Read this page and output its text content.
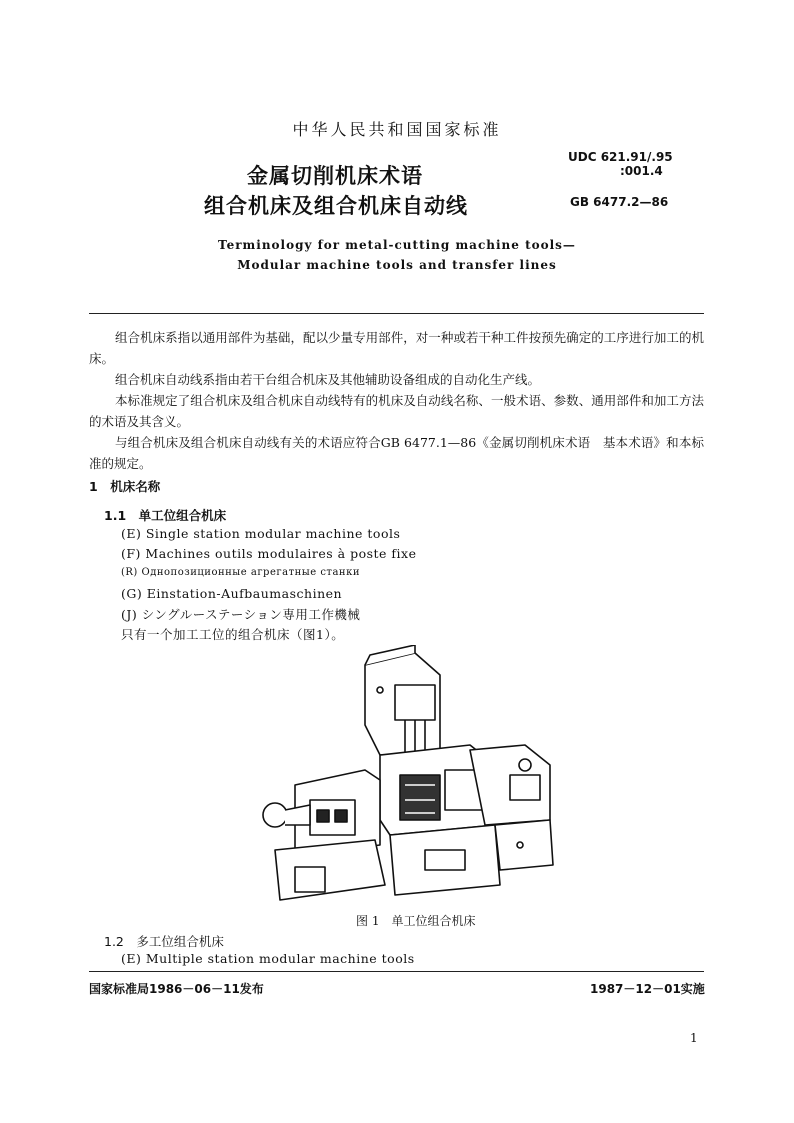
中华人民共和国国家标准
金属切削机床术语
组合机床及组合机床自动线
UDC 621.91/.95
:001.4
GB 6477.2—86
Terminology for metal-cutting machine tools—
Modular machine tools and transfer lines

组合机床系指以通用部件为基础，配以少量专用部件，对一种或若干种工件按预先确定的工序进行加工的机床。

组合机床自动线系指由若干台组合机床及其他辅助设备组成的自动化生产线。

本标准规定了组合机床及组合机床自动线特有的机床及自动线名称、一般术语、参数、通用部件和加工方法的术语及其含义。

与组合机床及组合机床自动线有关的术语应符合GB 6477.1—86《金属切削机床术语　基本术语》和本标准的规定。

1　机床名称
1.1　单工位组合机床
(E) Single station modular machine tools
(F) Machines outils modulaires à poste fixe
(R) Однопозиционные агрегатные станки
(G) Einstation-Aufbaumaschinen
(J) シングルーステーション専用工作機械
只有一个加工工位的组合机床（图1）。
图 1　单工位组合机床
1.2　多工位组合机床
(E) Multiple station modular machine tools
国家标准局1986－06－11发布	1987－12－01实施
1
